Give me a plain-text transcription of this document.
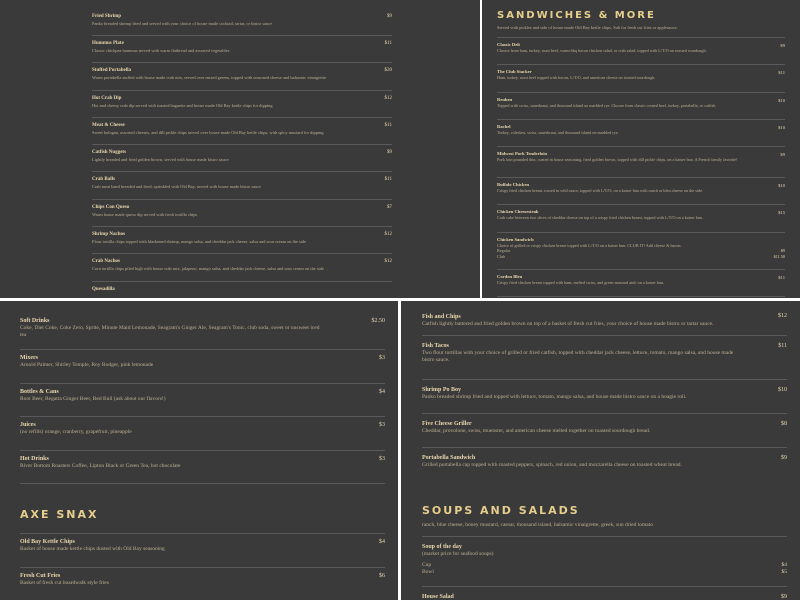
Fried Shrimp
Panko breaded shrimp fried and served with your choice of house made cocktail, tartar, or bistro sauce
$9
Hummus Plate
Classic chickpea hummus served with warm flatbread and assorted vegetables
$11
Stuffed Portabella
Warm portabella stuffed with house made crab mix, served over mixed greens, topped with seasoned cheese and balsamic vinaigrette
$20
Hot Crab Dip
Hot and cheesy crab dip served with toasted baguette and house made Old Bay kettle chips for dipping
$12
Meat & Cheese
Sweet bologna, assorted cheeses, and dill pickle chips served over house made Old Bay kettle chips, with spicy mustard for dipping
$11
Catfish Nuggets
Lightly breaded and fried golden brown, served with house made bistro sauce
$9
Crab Balls
Crab meat hand breaded and fried, sprinkled with Old Bay, served with house made bistro sauce
$11
Chips Con Queso
Warm house made queso dip served with fresh tortilla chips
$7
Shrimp Nachos
Flour tortilla chips topped with blackened shrimp, mango salsa, and cheddar jack cheese, salsa and sour cream on the side
$12
Crab Nachos
Corn tortilla chips piled high with house crab mix, jalapeno, mango salsa, and cheddar jack cheese, salsa and sour cream on the side
$12
Quesadilla
SANDWICHES & MORE
Served with pickles and side of house made Old Bay kettle chips. Sub for fresh cut fries or applesauce.
Classic Deli
Choose from ham, turkey, roast beef, warm bbq bacon chicken salad, or crab salad, topped with L/T/O on toasted sourdough.
$9
The Club Stacker
Ham, turkey, roast beef topped with bacon, L/T/O, and american cheese on toasted sourdough.
$11
Reuben
Topped with swiss, sauerkraut, and thousand island on marbled rye. Choose from classic corned beef, turkey, portabella, or catfish.
$10
Rachel
Turkey, coleslaw, swiss, sauerkraut, and thousand island on marbled rye.
$10
Midwest Pork Tenderloin
Pork loin pounded thin, coated in house seasoning, fried golden brown, topped with dill pickle chips, on a kaiser bun. A French family favorite!
$9
Buffalo Chicken
Crispy fried chicken breast, tossed in wild sauce, topped with L/T/O, on a kaiser bun with ranch or bleu cheese on the side.
$10
Chicken Cheesesteak
Crab cake between two slices of cheddar cheese on top of a crispy fried chicken breast, topped with L/T/O on a kaiser bun.
$15
Chicken Sandwich
Choice of grilled or crispy chicken breast topped with L/T/O on a kaiser bun. CLUB IT! Add cheese & bacon.
Regular	$9
Club	$11.50
Cordon Bleu
Crispy fried chicken breast topped with ham, melted swiss, and green mustard aioli on a kaiser bun.
$11
Soft Drinks
Coke, Diet Coke, Coke Zero, Sprite, Minute Maid Lemonade, Seagram's Ginger Ale, Seagram's Tonic, club soda, sweet or unsweet iced tea
$2.50
Mixers
Arnold Palmer, Shirley Temple, Roy Rodger, pink lemonade
$3
Bottles & Cans
Root Beer, Regatta Ginger Beer, Red Bull (ask about our flavors!)
$4
Juices
(no refills) orange, cranberry, grapefruit, pineapple
$3
Hot Drinks
River Bottom Roasters Coffee, Lipton Black or Green Tea, hot chocolate
$3
AXE SNAX
Old Bay Kettle Chips
Basket of house made kettle chips dusted with Old Bay seasoning
$4
Fresh Cut Fries
Basket of fresh cut boardwalk style fries
$6
Fish and Chips
Catfish lightly battered and fried golden brown on top of a basket of fresh cut fries, your choice of house made bistro or tartar sauce.
$12
Fish Tacos
Two flour tortillas with your choice of grilled or fried catfish, topped with cheddar jack cheese, lettuce, tomato, mango salsa, and house made bistro sauce.
$11
Shrimp Po Boy
Panko breaded shrimp fried and topped with lettuce, tomato, mango salsa, and house made bistro sauce on a hoagie roll.
$10
Five Cheese Griller
Cheddar, provolone, swiss, muenster, and american cheese melted together on toasted sourdough bread.
$8
Portabella Sandwich
Grilled portabella cap topped with roasted peppers, spinach, red onion, and mozzarella cheese on toasted wheat bread.
$9
SOUPS AND SALADS
ranch, blue cheese, honey mustard, caesar, thousand island, balsamic vinaigrette, greek, sun dried tomato
Soup of the day
(market price for seafood soups)
Cup	$4
Bowl	$5
House Salad	$9
